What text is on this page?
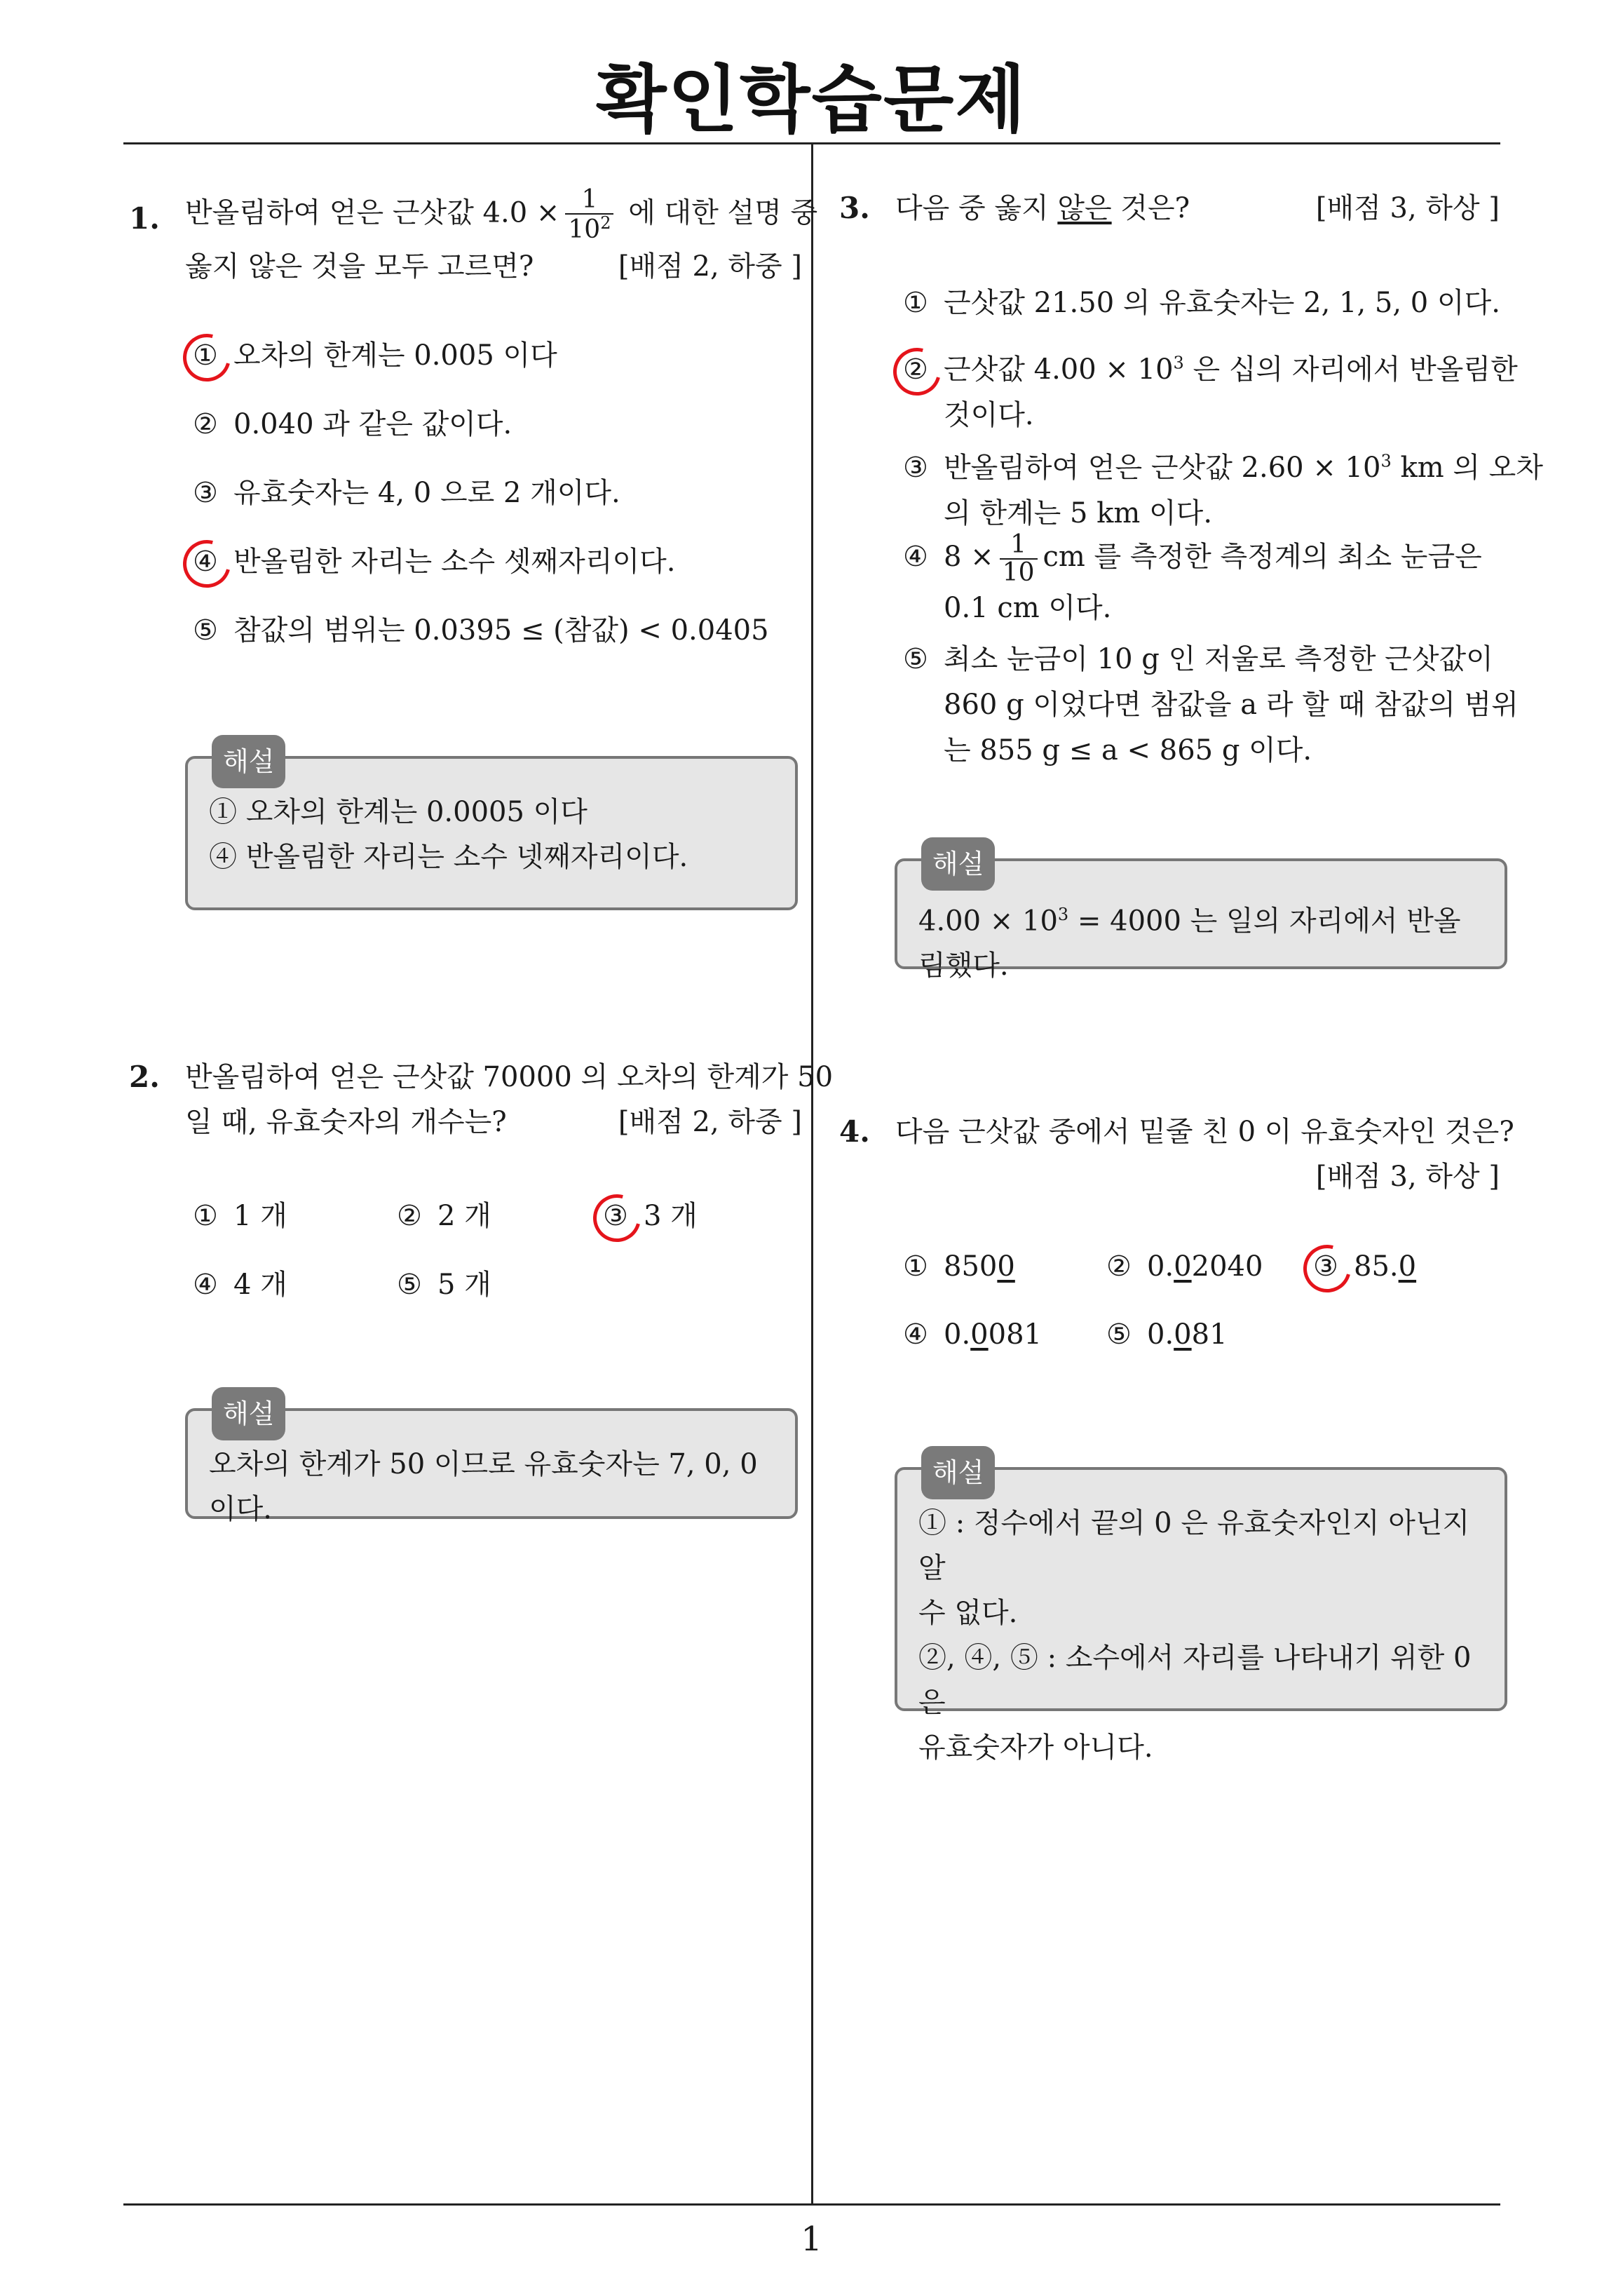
확인학습문제
1
1. 반올림하여 얻은 근삿값 $4.0 \times \frac{1}{10^2}$ 에 대한 설명 중
옳지 않은 것을 모두 고르면?	[배점 2, 하중 ]
① 오차의 한계는 0.005 이다
② 0.040 과 같은 값이다.
③ 유효숫자는 4, 0 으로 2 개이다.
④ 반올림한 자리는 소수 셋째자리이다.
⑤ 참값의 범위는 0.0395 ≤ (참값) < 0.0405
해설
① 오차의 한계는 0.0005 이다
④ 반올림한 자리는 소수 넷째자리이다.
2. 반올림하여 얻은 근삿값 70000 의 오차의 한계가 50
일 때, 유효숫자의 개수는?	[배점 2, 하중 ]
① 1 개	② 2 개	③ 3 개
④ 4 개	⑤ 5 개
해설
오차의 한계가 50 이므로 유효숫자는 7, 0, 0 이다.
3. 다음 중 옳지 않은 것은?	[배점 3, 하상 ]
① 근삿값 21.50 의 유효숫자는 2, 1, 5, 0 이다.
② 근삿값 $4.00 \times 10^3$ 은 십의 자리에서 반올림한
것이다.
③ 반올림하여 얻은 근삿값 $2.60 \times 10^3$ km 의 오차
의 한계는 5 km 이다.
④ $8 \times \frac{1}{10}$ cm 를 측정한 측정계의 최소 눈금은
0.1 cm 이다.
⑤ 최소 눈금이 10 g 인 저울로 측정한 근삿값이
860 g 이었다면 참값을 a 라 할 때 참값의 범위
는 855 g ≤ a < 865 g 이다.
해설
$4.00 \times 10^3 = 4000$ 는 일의 자리에서 반올림했다.
4. 다음 근삿값 중에서 밑줄 친 0 이 유효숫자인 것은?
[배점 3, 하상 ]
① 8500	② 0.02040 ③ 85.0
④ 0.0081 ⑤ 0.081
해설
① : 정수에서 끝의 0 은 유효숫자인지 아닌지 알
수 없다.
②, ④, ⑤ : 소수에서 자리를 나타내기 위한 0 은
유효숫자가 아니다.
